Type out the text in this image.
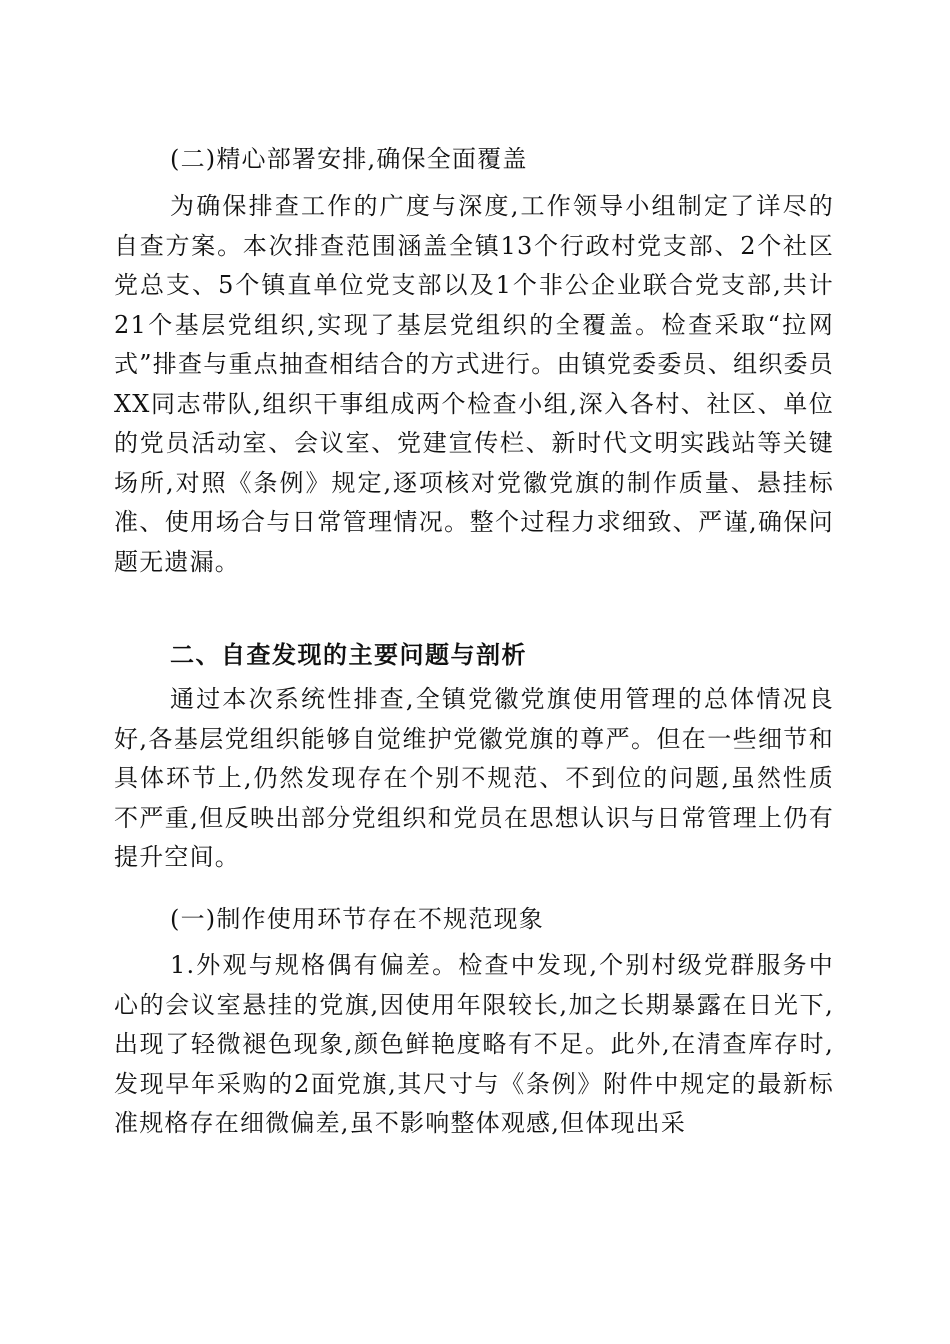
(二)精心部署安排,确保全面覆盖
为确保排查工作的广度与深度,工作领导小组制定了详尽的自查方案。本次排查范围涵盖全镇13个行政村党支部、2个社区党总支、5个镇直单位党支部以及1个非公企业联合党支部,共计21个基层党组织,实现了基层党组织的全覆盖。检查采取“拉网式”排查与重点抽查相结合的方式进行。由镇党委委员、组织委员XX同志带队,组织干事组成两个检查小组,深入各村、社区、单位的党员活动室、会议室、党建宣传栏、新时代文明实践站等关键场所,对照《条例》规定,逐项核对党徽党旗的制作质量、悬挂标准、使用场合与日常管理情况。整个过程力求细致、严谨,确保问题无遗漏。
二、自查发现的主要问题与剖析
通过本次系统性排查,全镇党徽党旗使用管理的总体情况良好,各基层党组织能够自觉维护党徽党旗的尊严。但在一些细节和具体环节上,仍然发现存在个别不规范、不到位的问题,虽然性质不严重,但反映出部分党组织和党员在思想认识与日常管理上仍有提升空间。
(一)制作使用环节存在不规范现象
1.外观与规格偶有偏差。检查中发现,个别村级党群服务中心的会议室悬挂的党旗,因使用年限较长,加之长期暴露在日光下,出现了轻微褪色现象,颜色鲜艳度略有不足。此外,在清查库存时,发现早年采购的2面党旗,其尺寸与《条例》附件中规定的最新标准规格存在细微偏差,虽不影响整体观感,但体现出采
